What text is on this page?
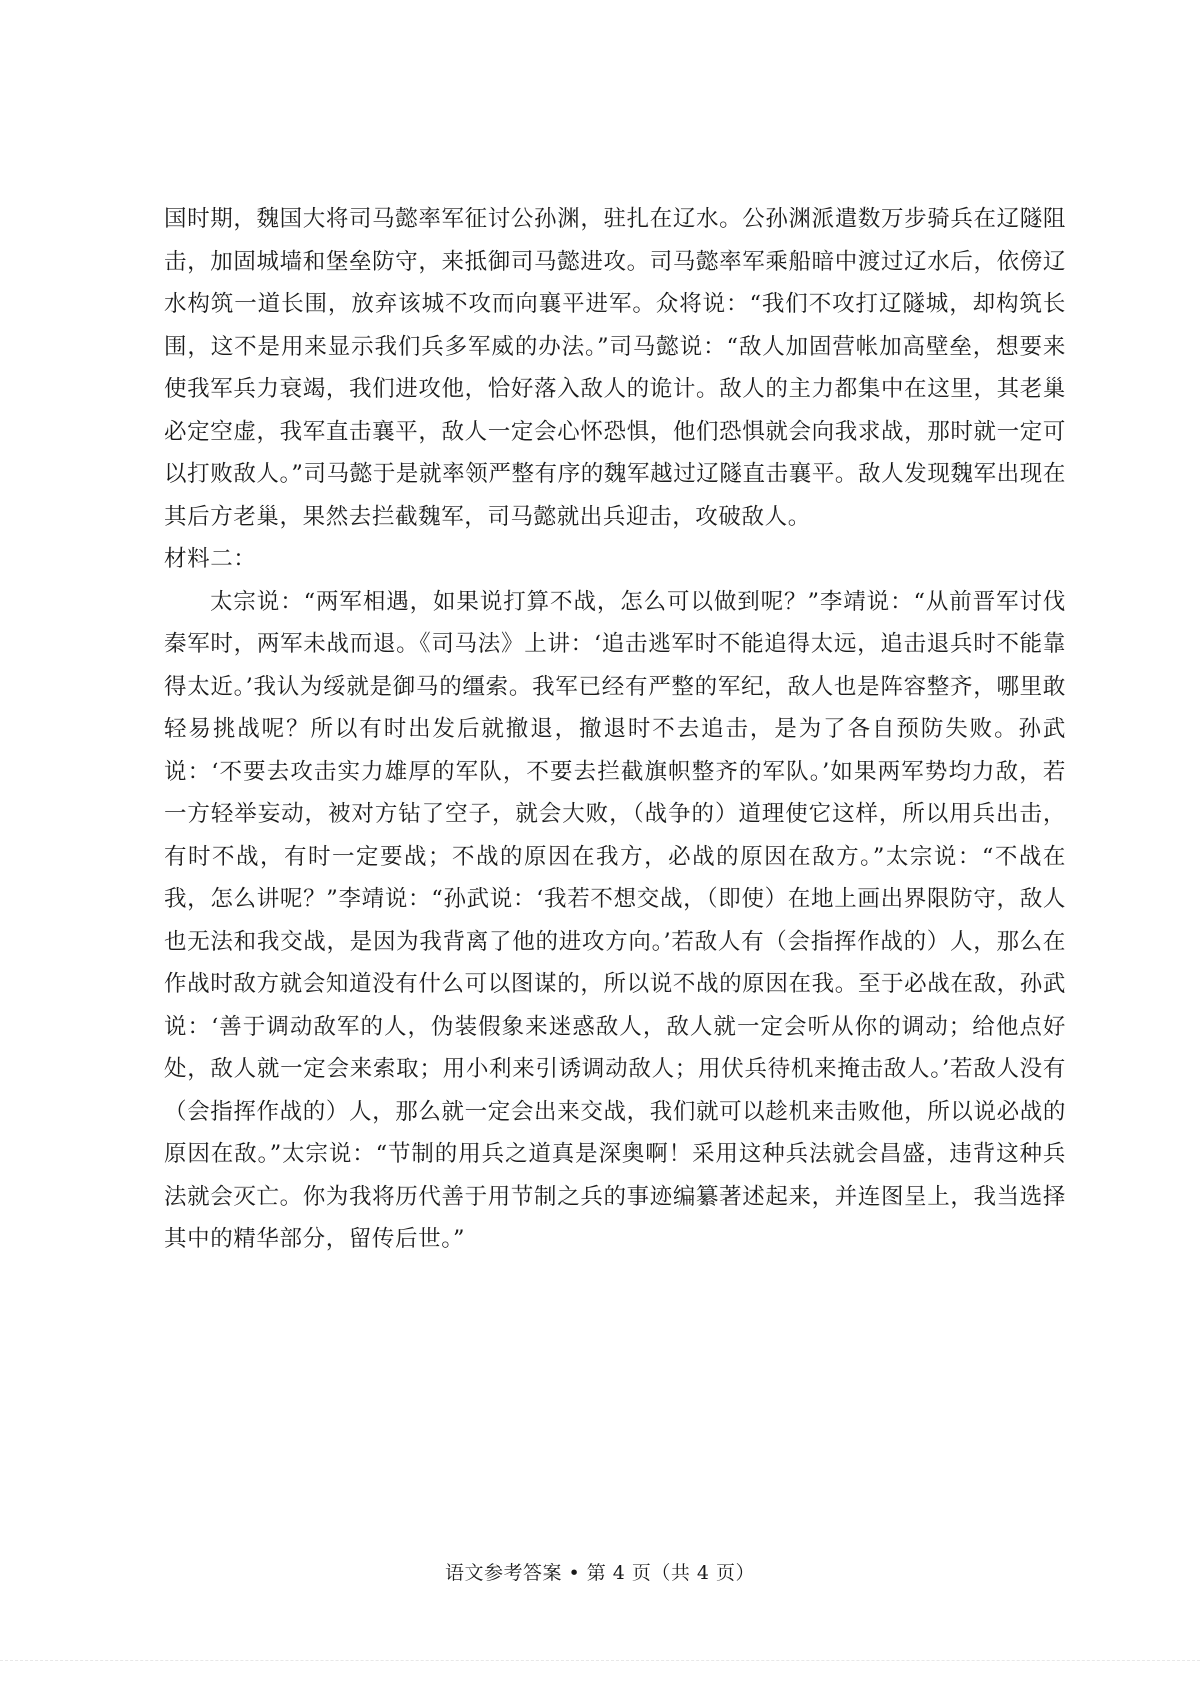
国时期，魏国大将司马懿率军征讨公孙渊，驻扎在辽水。公孙渊派遣数万步骑兵在辽隧阻击，加固城墙和堡垒防守，来抵御司马懿进攻。司马懿率军乘船暗中渡过辽水后，依傍辽水构筑一道长围，放弃该城不攻而向襄平进军。众将说：“我们不攻打辽隧城，却构筑长围，这不是用来显示我们兵多军威的办法。”司马懿说：“敌人加固营帐加高壁垒，想要来使我军兵力衰竭，我们进攻他，恰好落入敌人的诡计。敌人的主力都集中在这里，其老巢必定空虚，我军直击襄平，敌人一定会心怀恐惧，他们恐惧就会向我求战，那时就一定可以打败敌人。”司马懿于是就率领严整有序的魏军越过辽隧直击襄平。敌人发现魏军出现在其后方老巢，果然去拦截魏军，司马懿就出兵迎击，攻破敌人。

材料二：

太宗说：“两军相遇，如果说打算不战，怎么可以做到呢？”李靖说：“从前晋军讨伐秦军时，两军未战而退。《司马法》上讲：‘追击逃军时不能追得太远，追击退兵时不能靠得太近。’我认为绥就是御马的缰索。我军已经有严整的军纪，敌人也是阵容整齐，哪里敢轻易挑战呢？所以有时出发后就撤退，撤退时不去追击，是为了各自预防失败。孙武说：‘不要去攻击实力雄厚的军队，不要去拦截旗帜整齐的军队。’如果两军势均力敌，若一方轻举妄动，被对方钻了空子，就会大败，（战争的）道理使它这样，所以用兵出击，有时不战，有时一定要战；不战的原因在我方，必战的原因在敌方。”太宗说：“不战在我，怎么讲呢？”李靖说：“孙武说：‘我若不想交战，（即使）在地上画出界限防守，敌人也无法和我交战，是因为我背离了他的进攻方向。’若敌人有（会指挥作战的）人，那么在作战时敌方就会知道没有什么可以图谋的，所以说不战的原因在我。至于必战在敌，孙武说：‘善于调动敌军的人，伪装假象来迷惑敌人，敌人就一定会听从你的调动；给他点好处，敌人就一定会来索取；用小利来引诱调动敌人；用伏兵待机来掩击敌人。’若敌人没有（会指挥作战的）人，那么就一定会出来交战，我们就可以趁机来击败他，所以说必战的原因在敌。”太宗说：“节制的用兵之道真是深奥啊！采用这种兵法就会昌盛，违背这种兵法就会灭亡。你为我将历代善于用节制之兵的事迹编纂著述起来，并连图呈上，我当选择其中的精华部分，留传后世。”

语文参考答案 • 第 4 页（共 4 页）
